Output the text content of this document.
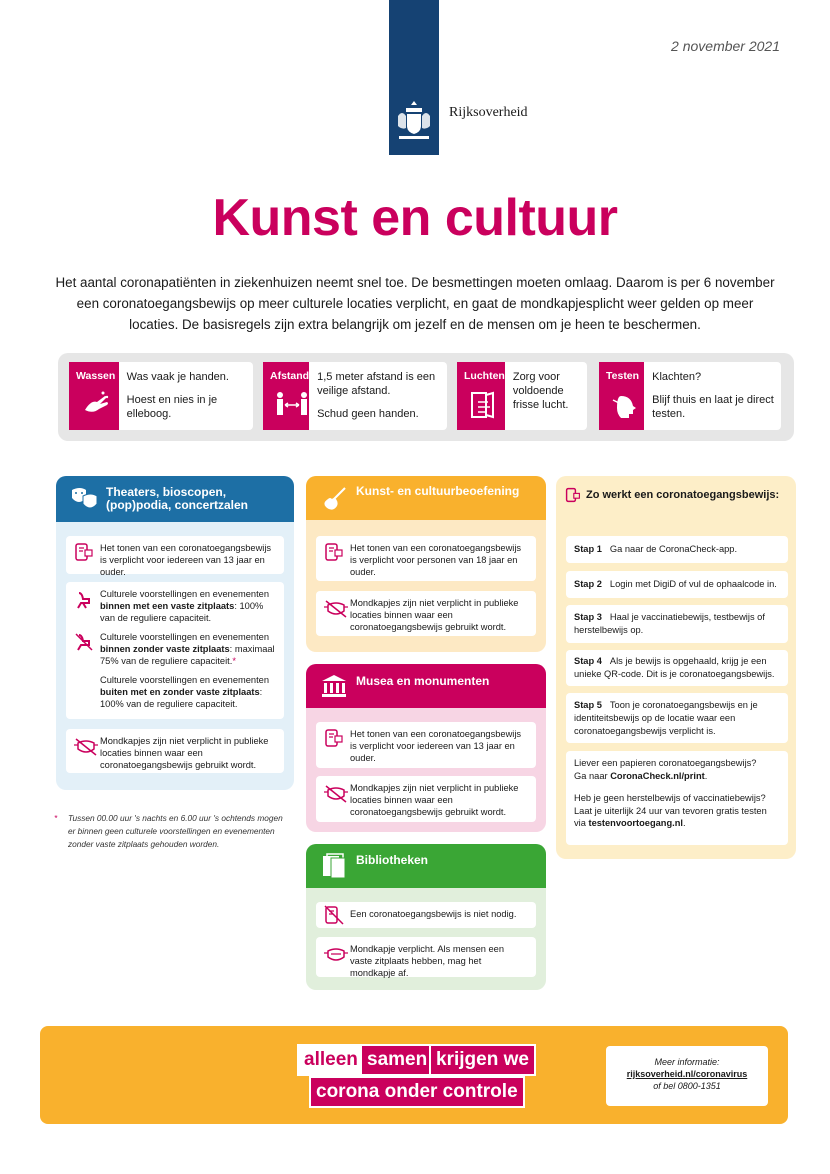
Rijksoverheid
2 november 2021
Kunst en cultuur
Het aantal coronapatiënten in ziekenhuizen neemt snel toe. De besmettingen moeten omlaag. Daarom is per 6 november een coronatoegangsbewijs op meer culturele locaties verplicht, en gaat de mondkapjesplicht weer gelden op meer locaties. De basisregels zijn extra belangrijk om jezelf en de mensen om je heen te beschermen.
Wassen	Was vaak je handen.

Hoest en nies in je elleboog.

Afstand 1,5 meter afstand is een veilige afstand.

Schud geen handen.

Luchten Zorg voor voldoende frisse lucht.

Testen	Klachten?

Blijf thuis en laat je direct testen.

Theaters, bioscopen, (pop)podia, concertzalen
Het tonen van een coronatoegangsbewijs is verplicht voor iedereen van 13 jaar en ouder.

Culturele voorstellingen en evenementen binnen met een vaste zitplaats: 100% van de reguliere capaciteit.

Culturele voorstellingen en evenementen binnen zonder vaste zitplaats: maximaal 75% van de reguliere capaciteit.*

Culturele voorstellingen en evenementen buiten met en zonder vaste zitplaats: 100% van de reguliere capaciteit.

Mondkapjes zijn niet verplicht in publieke locaties binnen waar een coronatoegangsbewijs gebruikt wordt.
* Tussen 00.00 uur 's nachts en 6.00 uur 's ochtends mogen er binnen geen culturele voorstellingen en evenementen zonder vaste zitplaats gehouden worden.
Kunst- en cultuurbeoefening
Het tonen van een coronatoegangsbewijs is verplicht voor personen van 18 jaar en ouder.
Mondkapjes zijn niet verplicht in publieke locaties binnen waar een coronatoegangsbewijs gebruikt wordt.
Musea en monumenten
Het tonen van een coronatoegangsbewijs is verplicht voor iedereen van 13 jaar en ouder.
Mondkapjes zijn niet verplicht in publieke locaties binnen waar een coronatoegangsbewijs gebruikt wordt.
Bibliotheken
Een coronatoegangsbewijs is niet nodig.
Mondkapje verplicht. Als mensen een vaste zitplaats hebben, mag het mondkapje af.
Zo werkt een coronatoegangsbewijs:
Stap 1 Ga naar de CoronaCheck-app.
Stap 2 Login met DigiD of vul de ophaalcode in.
Stap 3 Haal je vaccinatiebewijs, testbewijs of herstelbewijs op.
Stap 4 Als je bewijs is opgehaald, krijg je een unieke QR-code. Dit is je coronatoegangsbewijs.
Stap 5 Toon je coronatoegangsbewijs en je identiteitsbewijs op de locatie waar een coronatoegangsbewijs verplicht is.

Liever een papieren coronatoegangsbewijs?

Ga naar CoronaCheck.nl/print.

Heb je geen herstelbewijs of vaccinatiebewijs?

Laat je uiterlijk 24 uur van tevoren gratis testen

via testenvoortoegang.nl.

alleen samen krijgen we
corona onder controle

Meer informatie:

rijksoverheid.nl/coronavirus

of bel 0800-1351
